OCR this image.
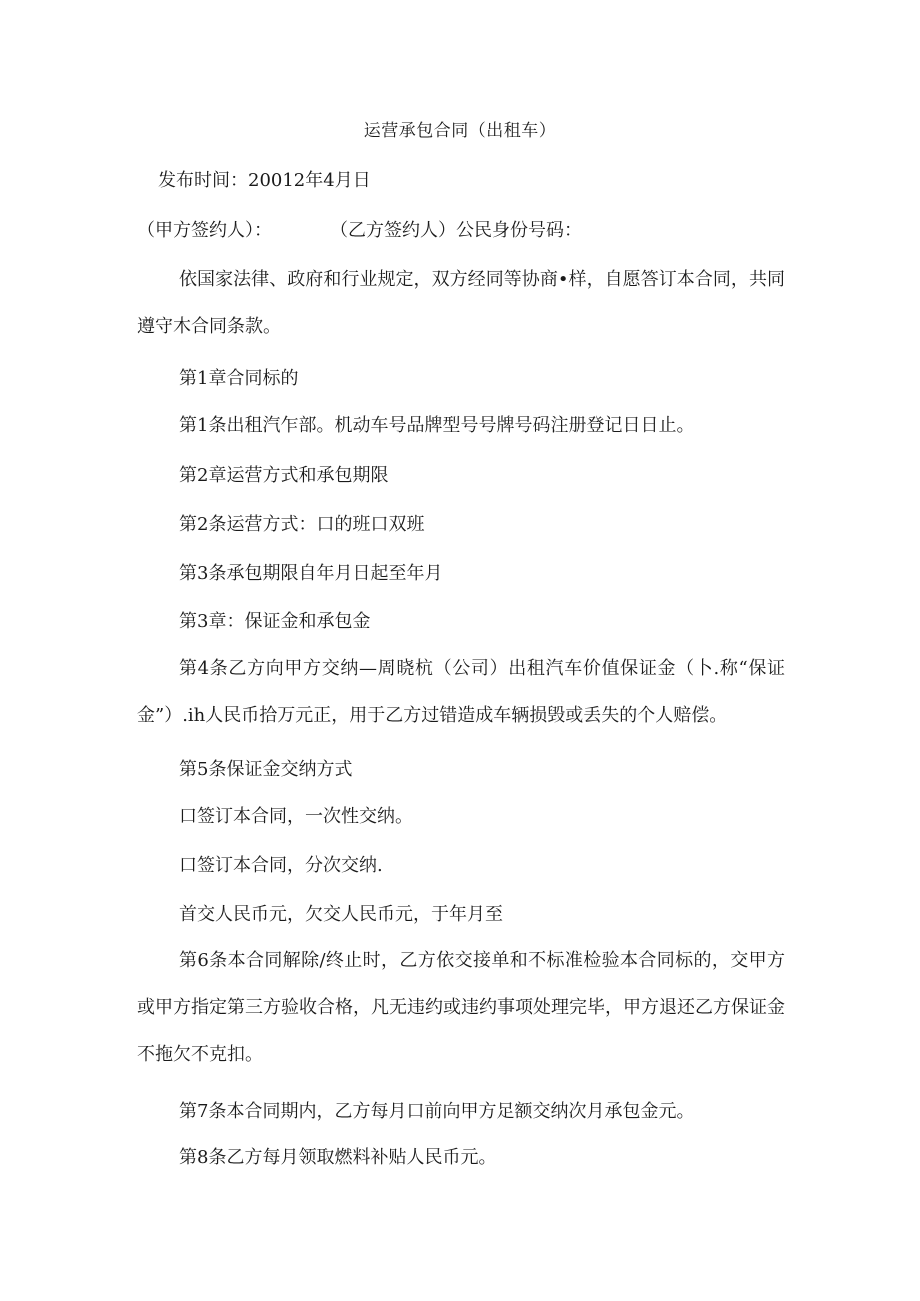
运营承包合同（出租车）
发布时间：20012年4月日
（甲方签约人）：	（乙方签约人）公民身份号码：
依国家法律、政府和行业规定，双方经同等协商•样，自愿答订本合同，共同遵守木合同条款。
第1章合同标的
第1条出租汽乍部。机动车号品牌型号号牌号码注册登记日日止。
第2章运营方式和承包期限
第2条运营方式：口的班口双班
第3条承包期限自年月日起至年月
第3章：保证金和承包金
第4条乙方向甲方交纳—周晓杭（公司）出租汽车价值保证金（卜.称“保证金”）.ih人民币拾万元正，用于乙方过错造成车辆损毁或丢失的个人赔偿。
第5条保证金交纳方式
口签订本合同，一次性交纳。
口签订本合同，分次交纳.
首交人民币元，欠交人民币元，于年月至
第6条本合同解除/终止时，乙方依交接单和不标准检验本合同标的，交甲方或甲方指定第三方验收合格，凡无违约或违约事项处理完毕，甲方退还乙方保证金不拖欠不克扣。
第7条本合同期内，乙方每月口前向甲方足额交纳次月承包金元。
第8条乙方每月领取燃料补贴人民币元。
